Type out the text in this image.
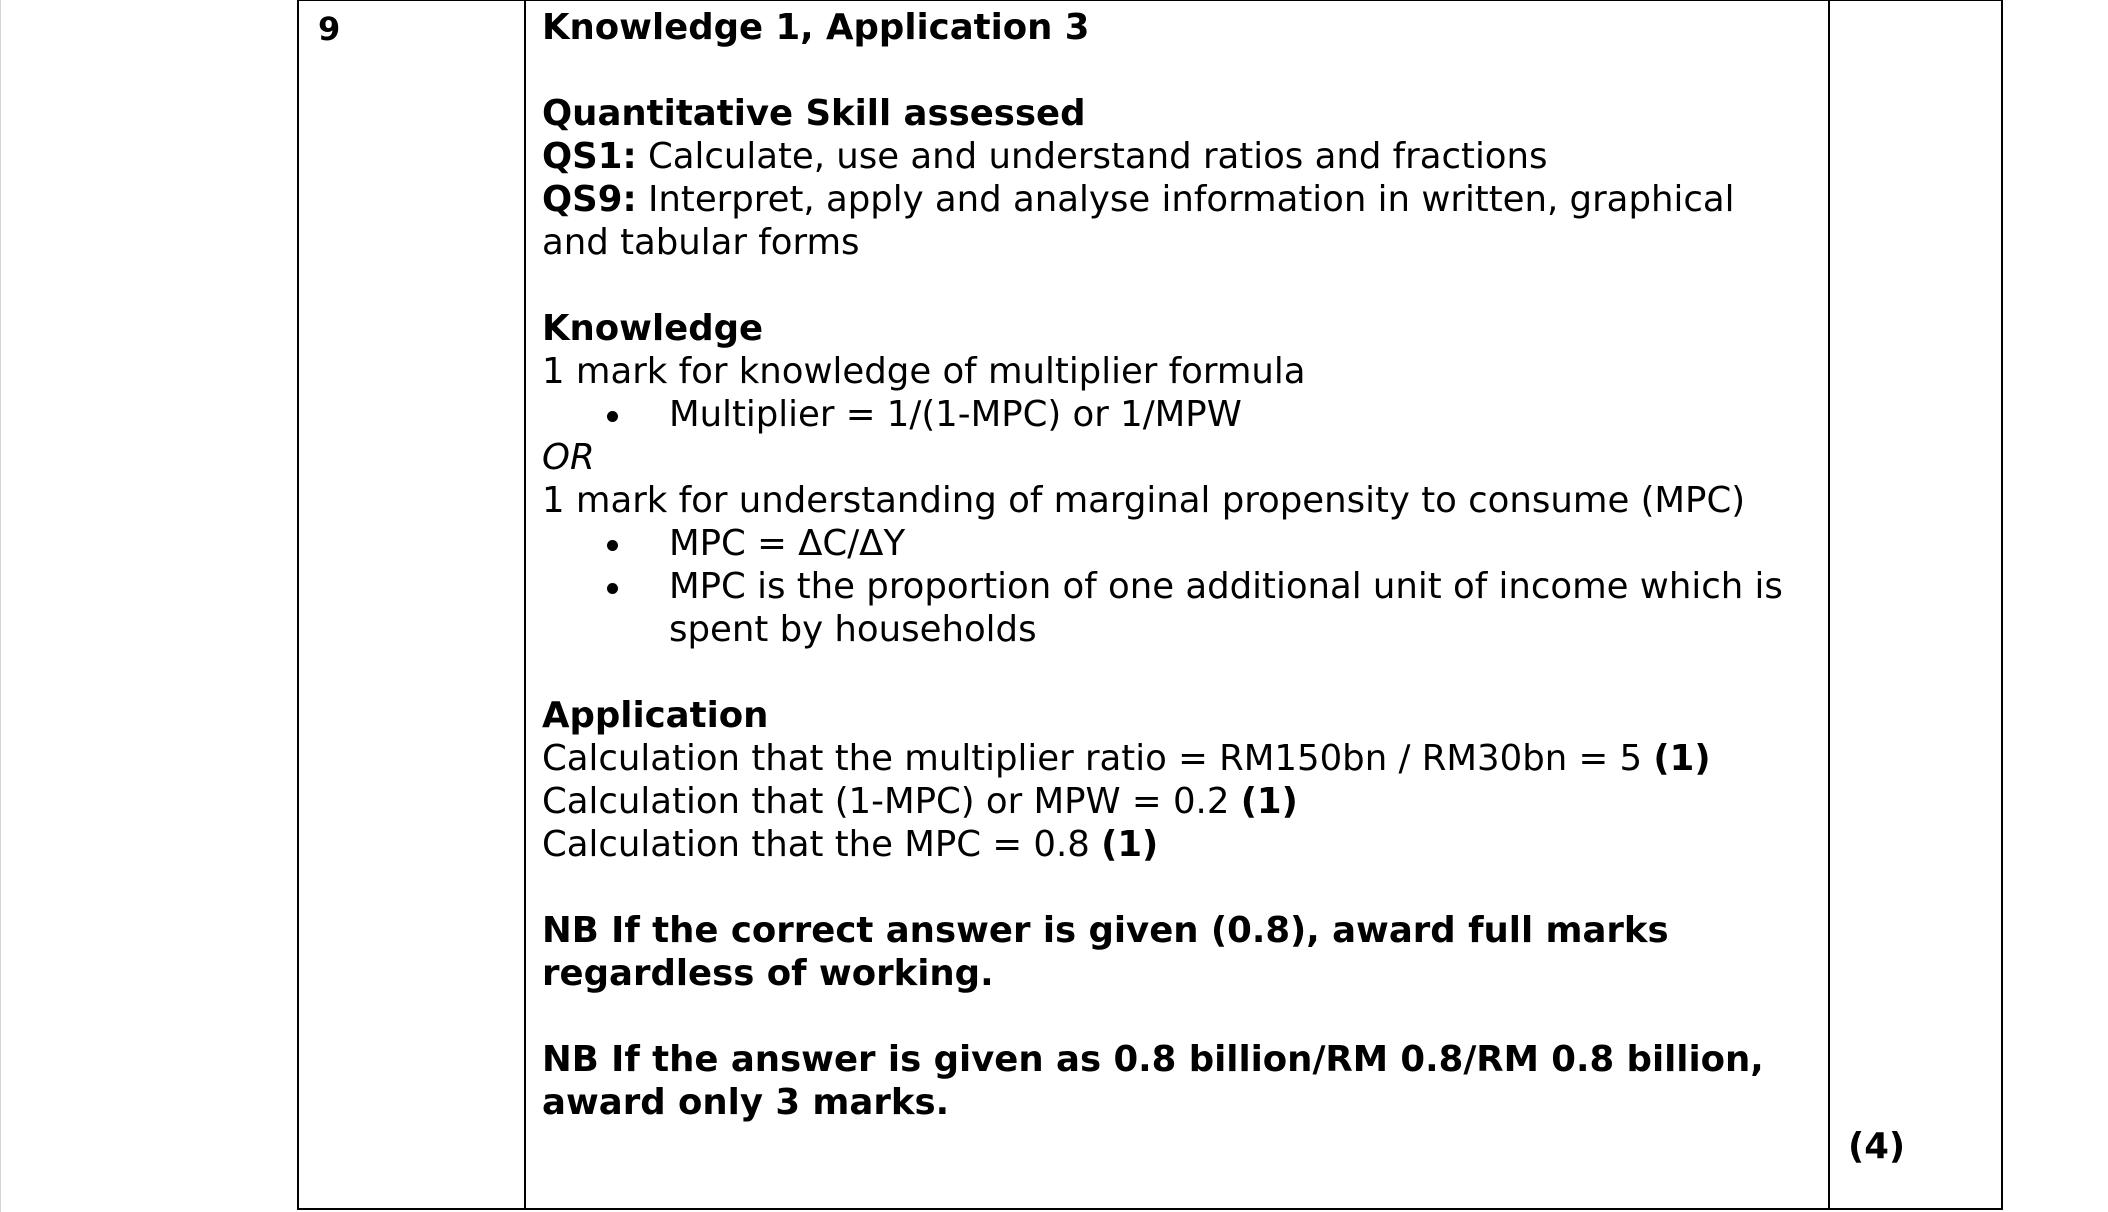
9	Knowledge 1, Application 3

Quantitative Skill assessed

QS1: Calculate, use and understand ratios and fractions

QS9: Interpret, apply and analyse information in written, graphical and tabular forms

Knowledge

1 mark for knowledge of multiplier formula

Multiplier = 1/(1-MPC) or 1/MPW

OR

1 mark for understanding of marginal propensity to consume (MPC)

MPC = ΔC/ΔY
MPC is the proportion of one additional unit of income which is spent by households

Application

Calculation that the multiplier ratio = RM150bn / RM30bn = 5 (1)

Calculation that (1-MPC) or MPW = 0.2 (1)

Calculation that the MPC = 0.8 (1)

NB If the correct answer is given (0.8), award full marks regardless of working.

NB If the answer is given as 0.8 billion/RM 0.8/RM 0.8 billion, award only 3 marks.

(4)
